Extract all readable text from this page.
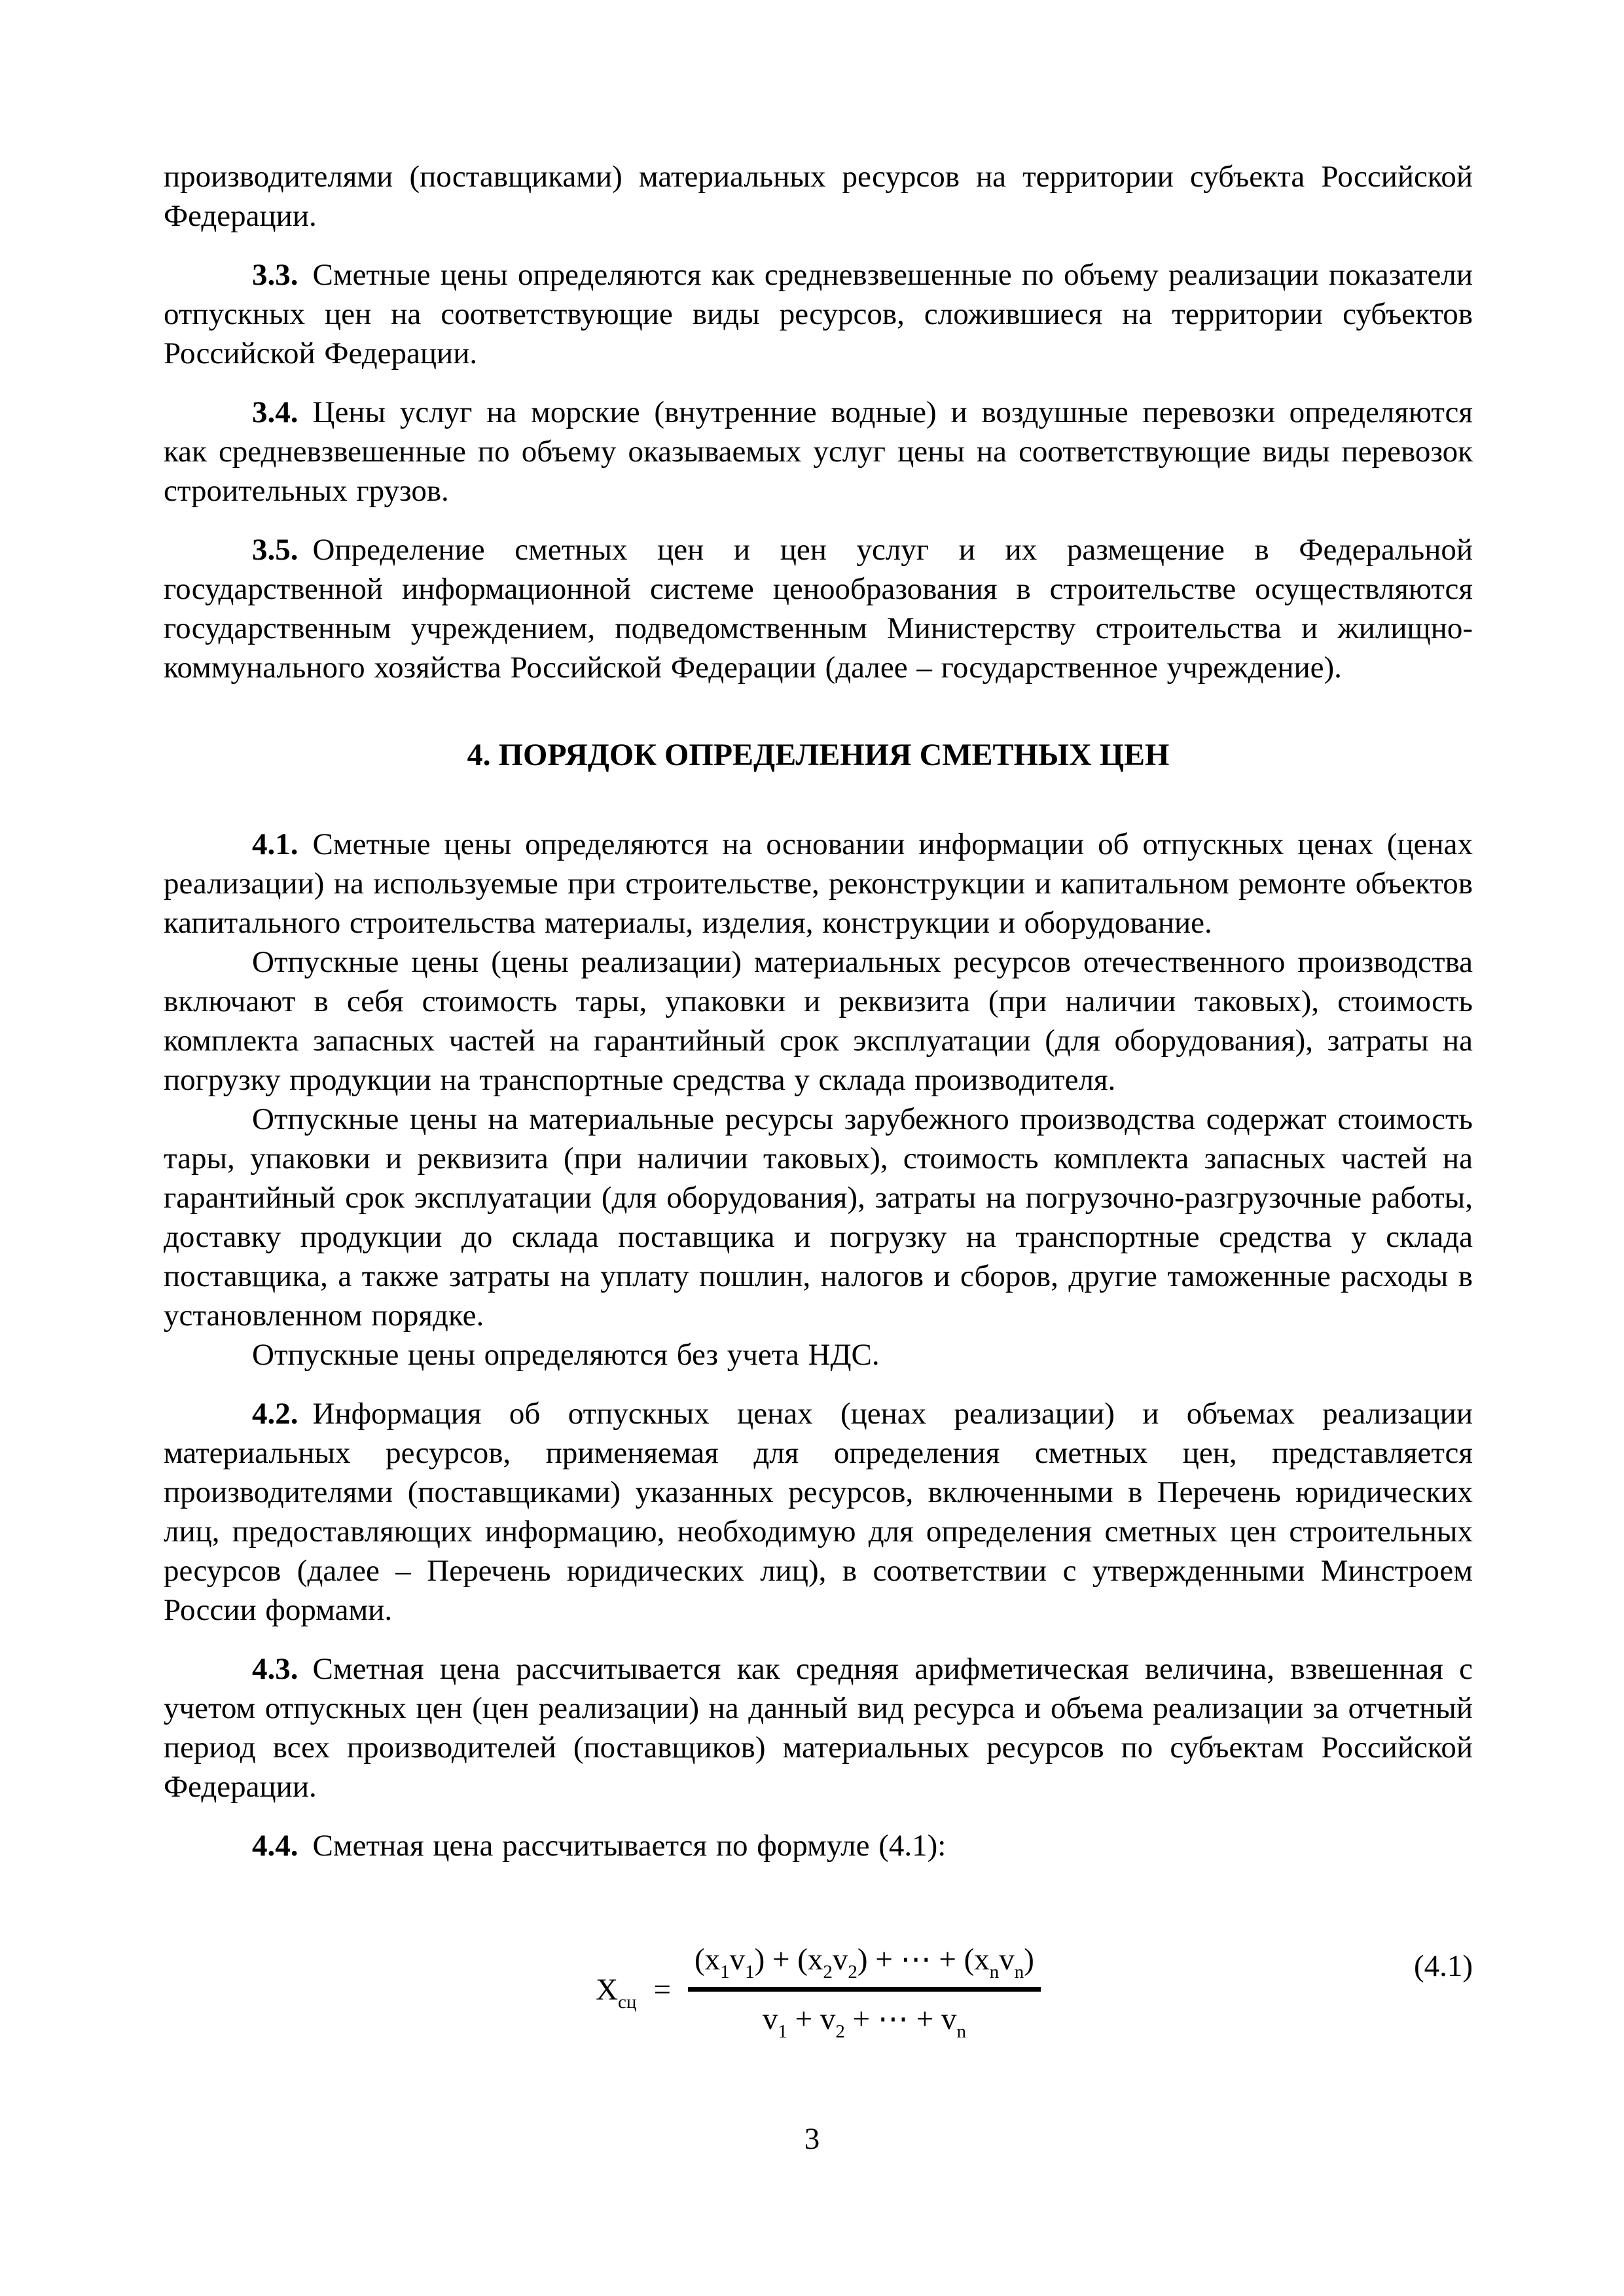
производителями (поставщиками) материальных ресурсов на территории субъекта Российской Федерации.

3.3. Сметные цены определяются как средневзвешенные по объему реализации показатели отпускных цен на соответствующие виды ресурсов, сложившиеся на территории субъектов Российской Федерации.

3.4. Цены услуг на морские (внутренние водные) и воздушные перевозки определяются как средневзвешенные по объему оказываемых услуг цены на соответствующие виды перевозок строительных грузов.

3.5. Определение сметных цен и цен услуг и их размещение в Федеральной государственной информационной системе ценообразования в строительстве осуществляются государственным учреждением, подведомственным Министерству строительства и жилищно-коммунального хозяйства Российской Федерации (далее – государственное учреждение).

4. ПОРЯДОК ОПРЕДЕЛЕНИЯ СМЕТНЫХ ЦЕН

4.1. Сметные цены определяются на основании информации об отпускных ценах (ценах реализации) на используемые при строительстве, реконструкции и капитальном ремонте объектов капитального строительства материалы, изделия, конструкции и оборудование.

Отпускные цены (цены реализации) материальных ресурсов отечественного производства включают в себя стоимость тары, упаковки и реквизита (при наличии таковых), стоимость комплекта запасных частей на гарантийный срок эксплуатации (для оборудования), затраты на погрузку продукции на транспортные средства у склада производителя.

Отпускные цены на материальные ресурсы зарубежного производства содержат стоимость тары, упаковки и реквизита (при наличии таковых), стоимость комплекта запасных частей на гарантийный срок эксплуатации (для оборудования), затраты на погрузочно-разгрузочные работы, доставку продукции до склада поставщика и погрузку на транспортные средства у склада поставщика, а также затраты на уплату пошлин, налогов и сборов, другие таможенные расходы в установленном порядке.

Отпускные цены определяются без учета НДС.

4.2. Информация об отпускных ценах (ценах реализации) и объемах реализации материальных ресурсов, применяемая для определения сметных цен, представляется производителями (поставщиками) указанных ресурсов, включенными в Перечень юридических лиц, предоставляющих информацию, необходимую для определения сметных цен строительных ресурсов (далее – Перечень юридических лиц), в соответствии с утвержденными Минстроем России формами.

4.3. Сметная цена рассчитывается как средняя арифметическая величина, взвешенная с учетом отпускных цен (цен реализации) на данный вид ресурса и объема реализации за отчетный период всех производителей (поставщиков) материальных ресурсов по субъектам Российской Федерации.

4.4. Сметная цена рассчитывается по формуле (4.1):

$Х_{сц} = \frac{(x_1v_1) + (x_2v_2) + \cdots + (x_nv_n)}{v_1 + v_2 + \cdots + v_n}$	(4.1)
3
